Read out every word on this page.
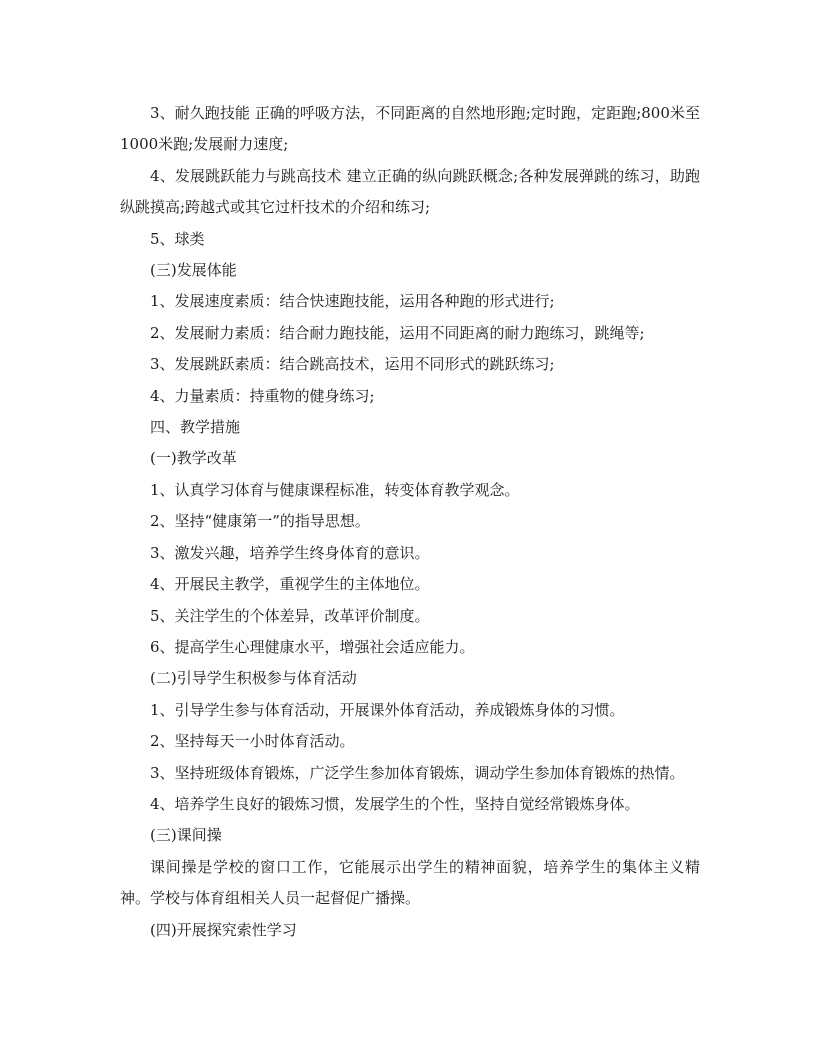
3、耐久跑技能 正确的呼吸方法，不同距离的自然地形跑;定时跑，定距跑;800米至1000米跑;发展耐力速度;

4、发展跳跃能力与跳高技术 建立正确的纵向跳跃概念;各种发展弹跳的练习，助跑纵跳摸高;跨越式或其它过杆技术的介绍和练习;

5、球类

(三)发展体能

1、发展速度素质：结合快速跑技能，运用各种跑的形式进行;

2、发展耐力素质：结合耐力跑技能，运用不同距离的耐力跑练习，跳绳等;

3、发展跳跃素质：结合跳高技术，运用不同形式的跳跃练习;

4、力量素质：持重物的健身练习;

四、教学措施

(一)教学改革

1、认真学习体育与健康课程标准，转变体育教学观念。

2、坚持“健康第一”的指导思想。

3、激发兴趣，培养学生终身体育的意识。

4、开展民主教学，重视学生的主体地位。

5、关注学生的个体差异，改革评价制度。

6、提高学生心理健康水平，增强社会适应能力。

(二)引导学生积极参与体育活动

1、引导学生参与体育活动，开展课外体育活动，养成锻炼身体的习惯。

2、坚持每天一小时体育活动。

3、坚持班级体育锻炼，广泛学生参加体育锻炼，调动学生参加体育锻炼的热情。

4、培养学生良好的锻炼习惯，发展学生的个性，坚持自觉经常锻炼身体。

(三)课间操

课间操是学校的窗口工作，它能展示出学生的精神面貌，培养学生的集体主义精神。学校与体育组相关人员一起督促广播操。

(四)开展探究索性学习
